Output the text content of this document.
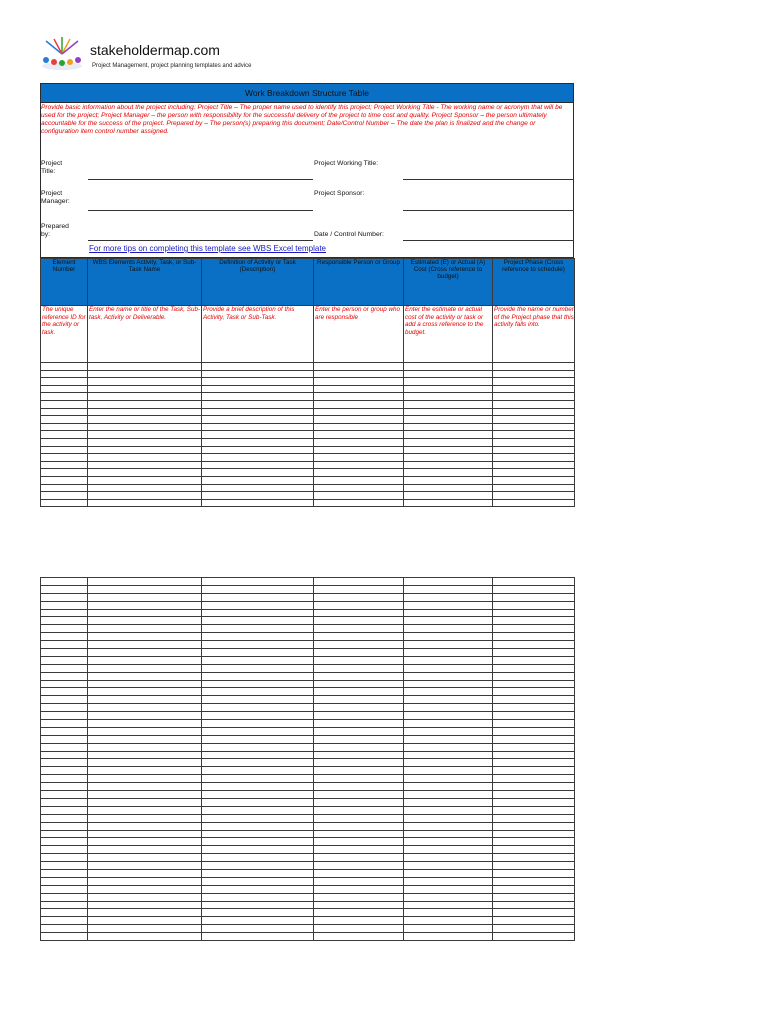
stakeholdermap.com
Project Management, project planning templates and advice
Work Breakdown Structure Table
Provide basic information about the project including: Project Title – The proper name used to identify this project; Project Working Title - The working name or acronym that will be used for the project; Project Manager – the person with responsibility for the successful delivery of the project to time cost and quality. Project Sponsor – the person ultimately accountable for the success of the project. Prepared by – The person(s) preparing this document; Date/Control Number – The date the plan is finalized and the change or configuration item control number assigned.
Project Title:
Project Working Title:
Project Manager:
Project Sponsor:
Prepared by:	Date / Control Number:
For more tips on completing this template see WBS Excel template
Element Number	WBS Elements Activity, Task, or Sub-Task Name	Definition of Activity or Task (Description)	Responsible Person or Group	Estimated (E) or Actual (A) Cost (Cross reference to budget)	Project Phase (Cross reference to schedule)
The unique reference ID for the activity or task.	Enter the name or title of the Task, Sub-task, Activity or Deliverable.	Provide a brief description of this Activity, Task or Sub-Task.	Enter the person or group who are responsible	Enter the estimate or actual cost of the activity or task or add a cross reference to the budget.	Provide the name or number of the Project phase that this activity falls into.
